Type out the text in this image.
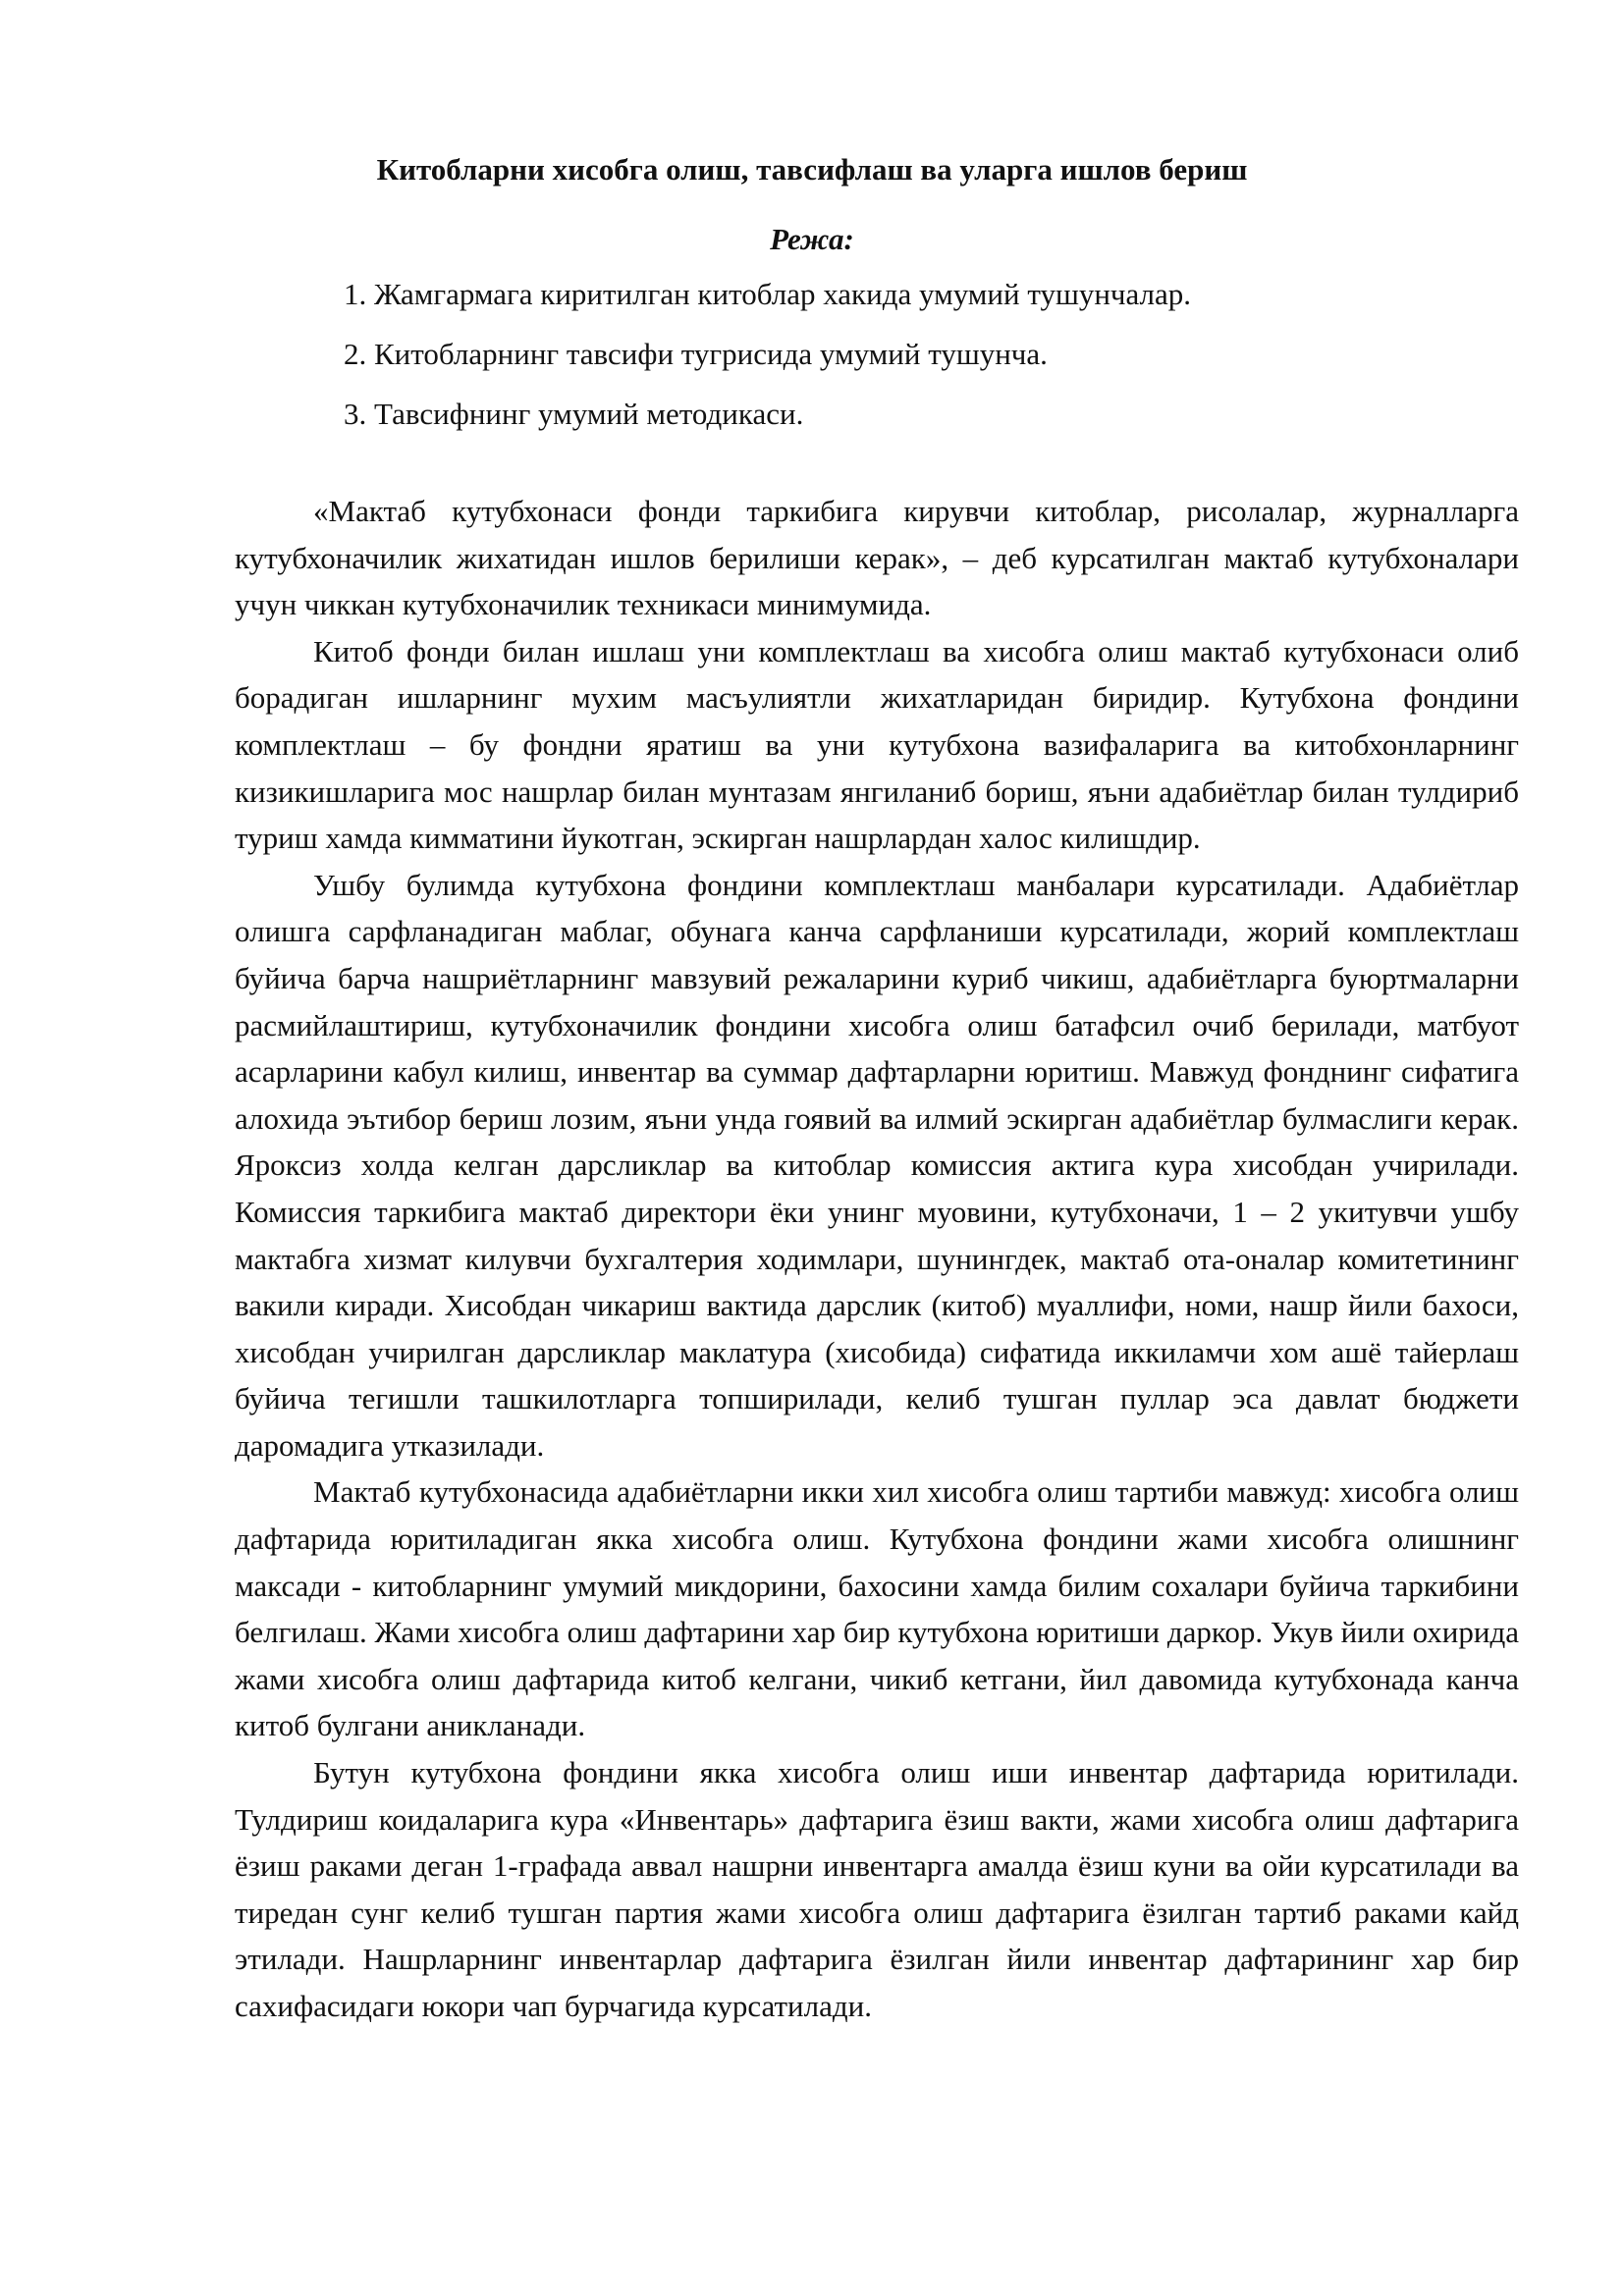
Китобларни хисобга олиш, тавсифлаш ва уларга ишлов бериш
Режа:
1. Жамгармага киритилган китоблар хакида умумий тушунчалар.
2. Китобларнинг тавсифи тугрисида умумий тушунча.
3. Тавсифнинг умумий методикаси.

«Мактаб кутубхонаси фонди таркибига кирувчи китоблар, рисолалар, журналларга кутубхоначилик жихатидан ишлов берилиши керак», – деб курсатилган мактаб кутубхоналари учун чиккан кутубхоначилик техникаси минимумида.

Китоб фонди билан ишлаш уни комплектлаш ва хисобга олиш мактаб кутубхонаси олиб борадиган ишларнинг мухим масъулиятли жихатларидан биридир. Кутубхона фондини комплектлаш – бу фондни яратиш ва уни кутубхона вазифаларига ва китобхонларнинг кизикишларига мос нашрлар билан мунтазам янгиланиб бориш, яъни адабиётлар билан тулдириб туриш хамда кимматини йукотган, эскирган нашрлардан халос килишдир.

Ушбу булимда кутубхона фондини комплектлаш манбалари курсатилади. Адабиётлар олишга сарфланадиган маблаг, обунага канча сарфланиши курсатилади, жорий комплектлаш буйича барча нашриётларнинг мавзувий режаларини куриб чикиш, адабиётларга буюртмаларни расмийлаштириш, кутубхоначилик фондини хисобга олиш батафсил очиб берилади, матбуот асарларини кабул килиш, инвентар ва суммар дафтарларни юритиш. Мавжуд фонднинг сифатига алохида эътибор бериш лозим, яъни унда гоявий ва илмий эскирган адабиётлар булмаслиги керак. Яроксиз холда келган дарсликлар ва китоблар комиссия актига кура хисобдан учирилади. Комиссия таркибига мактаб директори ёки унинг муовини, кутубхоначи, 1 – 2 укитувчи ушбу мактабга хизмат килувчи бухгалтерия ходимлари, шунингдек, мактаб ота-оналар комитетининг вакили киради. Хисобдан чикариш вактида дарслик (китоб) муаллифи, номи, нашр йили бахоси, хисобдан учирилган дарсликлар маклатура (хисобида) сифатида иккиламчи хом ашё тайерлаш буйича тегишли ташкилотларга топширилади, келиб тушган пуллар эса давлат бюджети даромадига утказилади.

Мактаб кутубхонасида адабиётларни икки хил хисобга олиш тартиби мавжуд: хисобга олиш дафтарида юритиладиган якка хисобга олиш. Кутубхона фондини жами хисобга олишнинг максади - китобларнинг умумий микдорини, бахосини хамда билим сохалари буйича таркибини белгилаш. Жами хисобга олиш дафтарини хар бир кутубхона юритиши даркор. Укув йили охирида жами хисобга олиш дафтарида китоб келгани, чикиб кетгани, йил давомида кутубхонада канча китоб булгани аникланади.

Бутун кутубхона фондини якка хисобга олиш иши инвентар дафтарида юритилади. Тулдириш коидаларига кура «Инвентарь» дафтарига ёзиш вакти, жами хисобга олиш дафтарига ёзиш раками деган 1-графада аввал нашрни инвентарга амалда ёзиш куни ва ойи курсатилади ва тиредан сунг келиб тушган партия жами хисобга олиш дафтарига ёзилган тартиб раками кайд этилади. Нашрларнинг инвентарлар дафтарига ёзилган йили инвентар дафтарининг хар бир сахифасидаги юкори чап бурчагида курсатилади.
